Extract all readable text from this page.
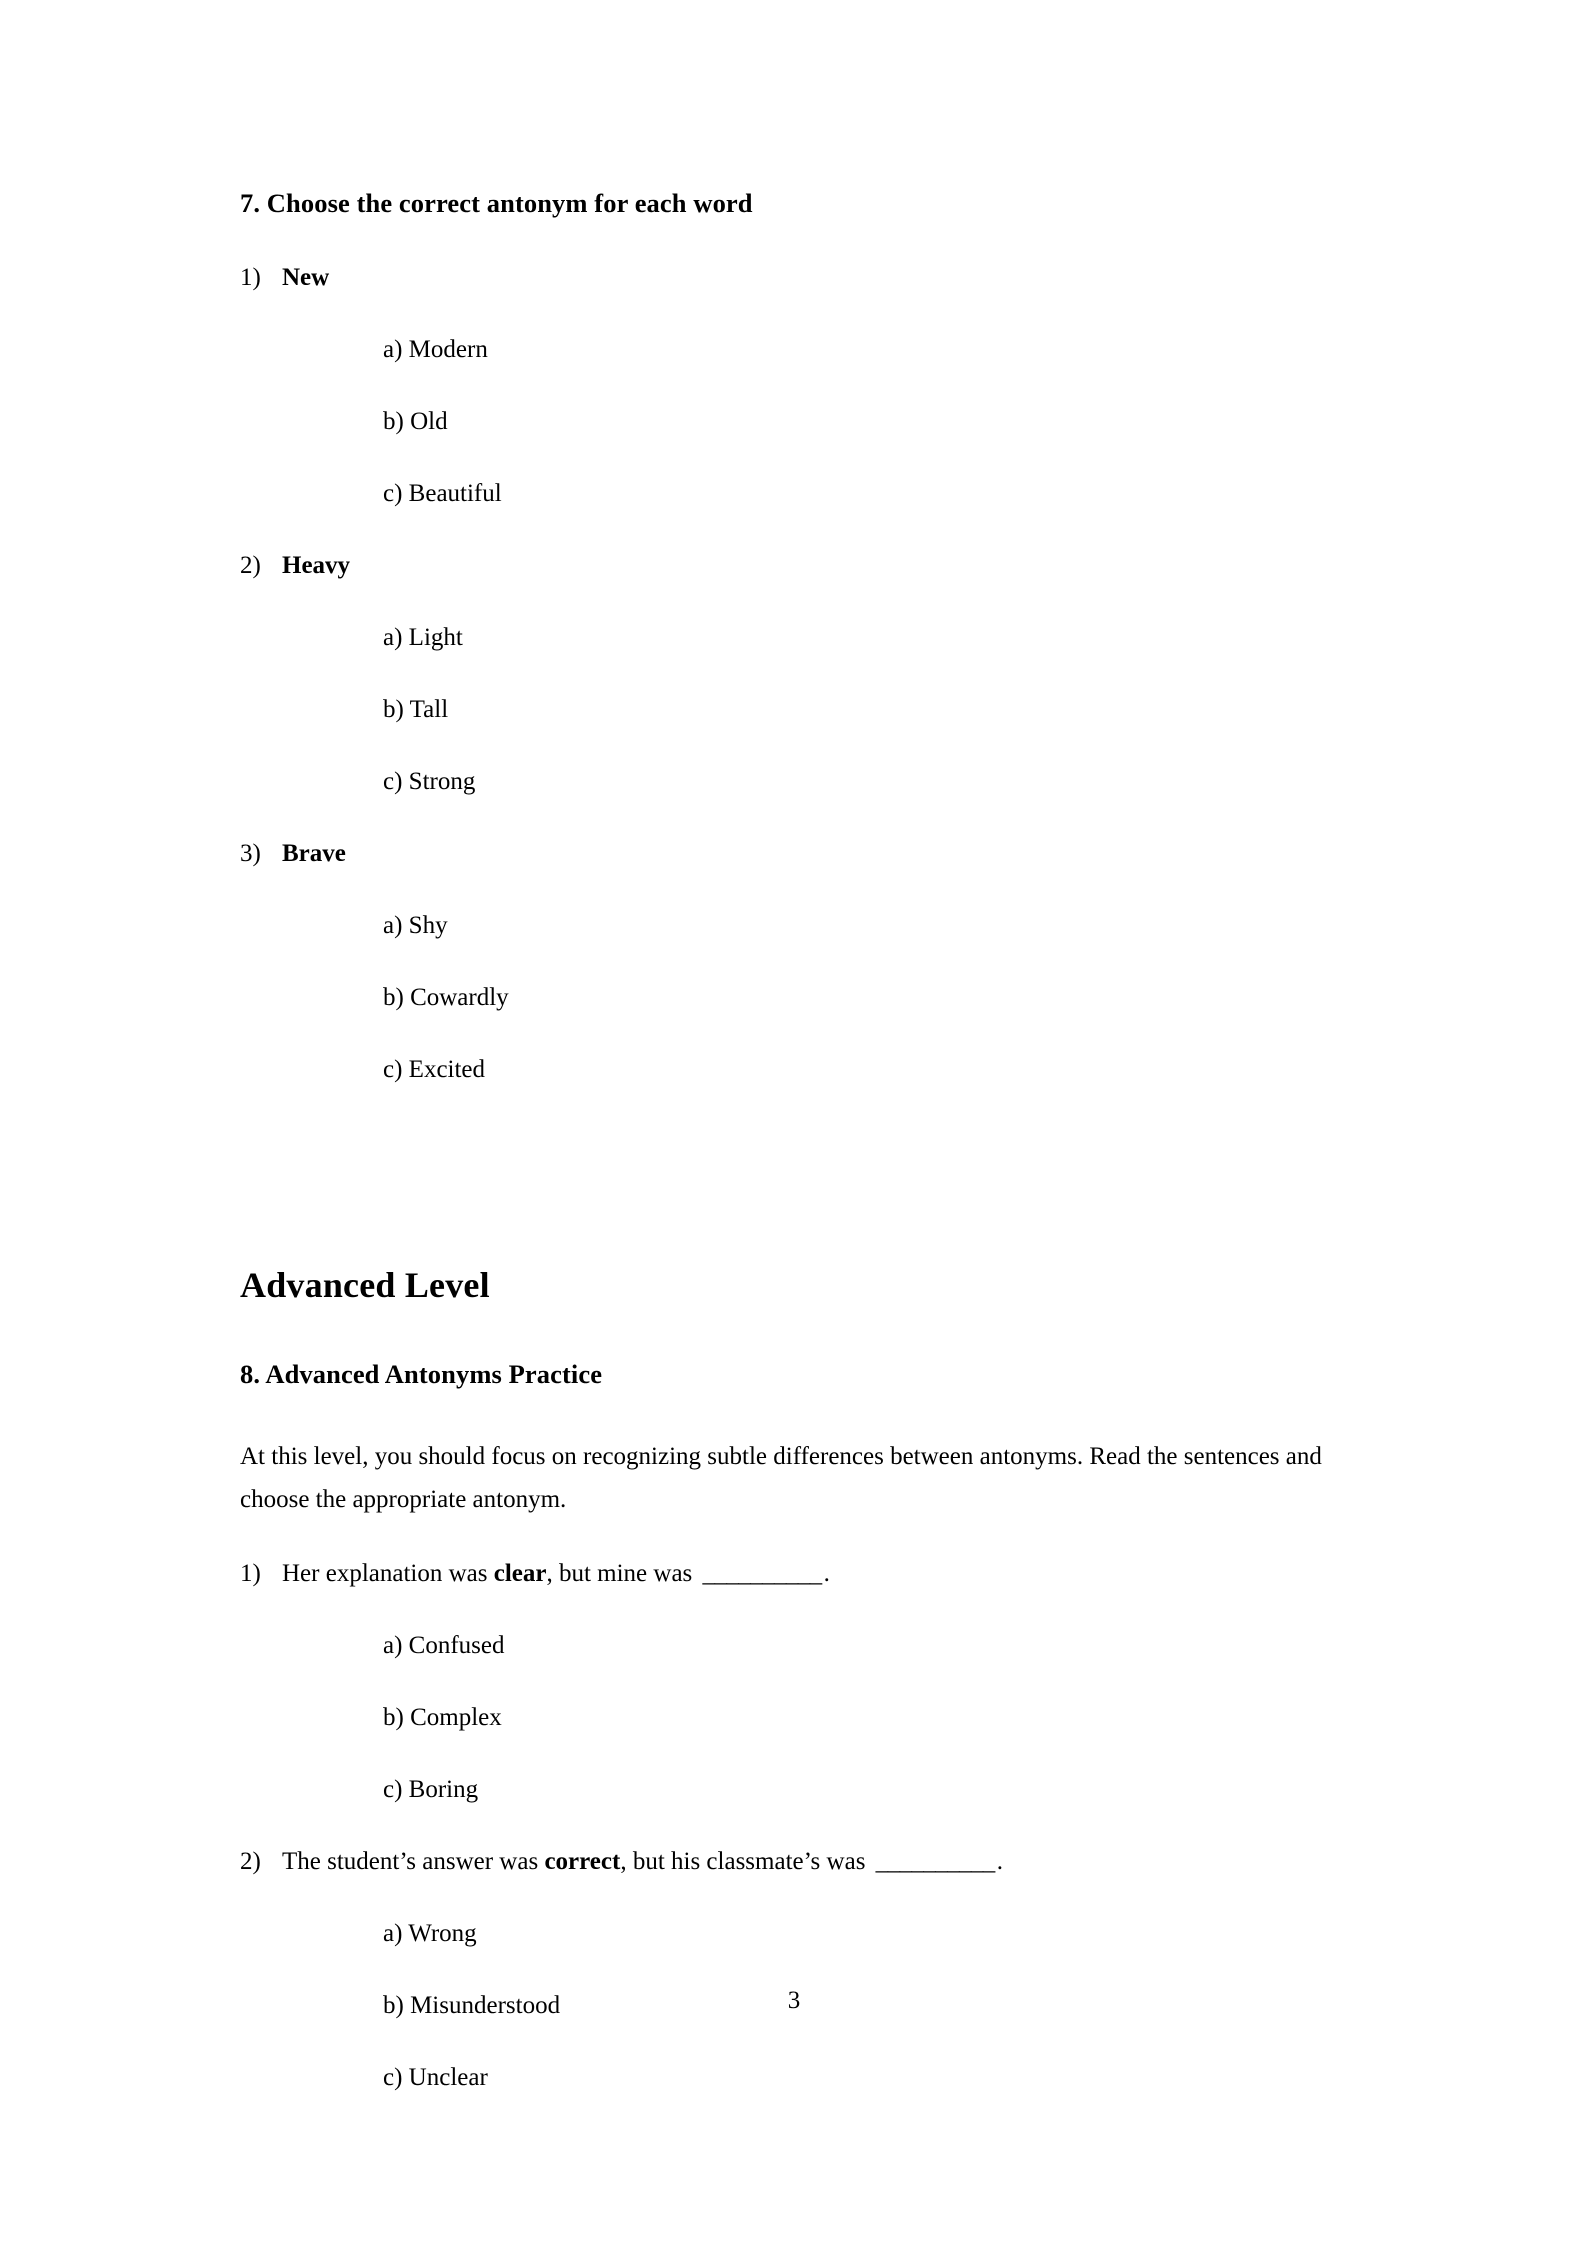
7. Choose the correct antonym for each word
1) New
a) Modern
b) Old
c) Beautiful
2) Heavy
a) Light
b) Tall
c) Strong
3) Brave
a) Shy
b) Cowardly
c) Excited
Advanced Level
8. Advanced Antonyms Practice

At this level, you should focus on recognizing subtle differences between antonyms. Read the sentences and choose the appropriate antonym.

1) Her explanation was clear, but mine was __________.
a) Confused
b) Complex
c) Boring
2) The student’s answer was correct, but his classmate’s was __________.
a) Wrong
b) Misunderstood
c) Unclear
3
